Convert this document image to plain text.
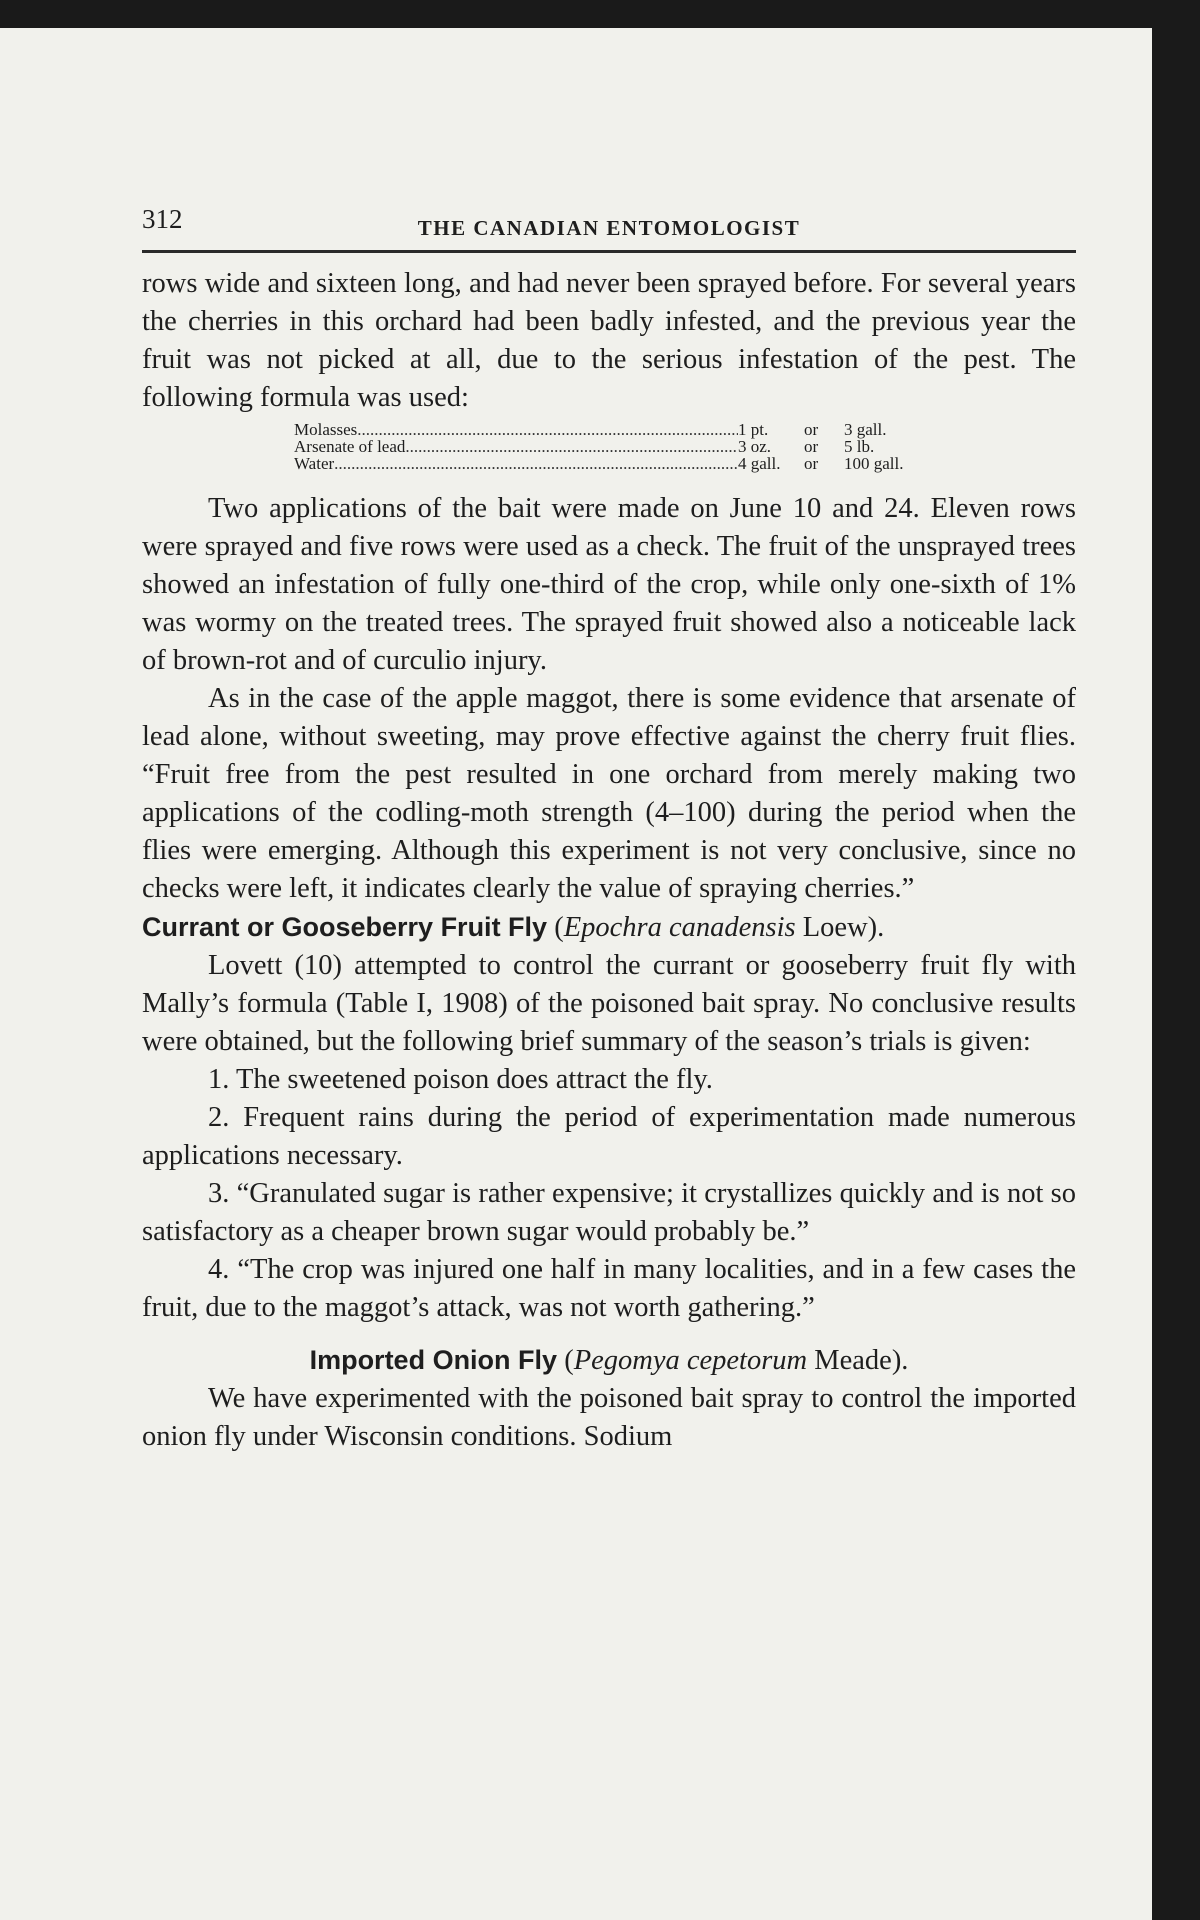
312	THE CANADIAN ENTOMOLOGIST

rows wide and sixteen long, and had never been sprayed before. For several years the cherries in this orchard had been badly infested, and the previous year the fruit was not picked at all, due to the serious infestation of the pest. The following formula was used:

Molasses .....	1 pt.	or	3 gall.
Arsenate of lead .....	3 oz.	or	5 lb.
Water .....	4 gall.	or	100 gall.

Two applications of the bait were made on June 10 and 24. Eleven rows were sprayed and five rows were used as a check. The fruit of the unsprayed trees showed an infestation of fully one-third of the crop, while only one-sixth of 1% was wormy on the treated trees. The sprayed fruit showed also a noticeable lack of brown-rot and of curculio injury.

As in the case of the apple maggot, there is some evidence that arsenate of lead alone, without sweeting, may prove effective against the cherry fruit flies. “Fruit free from the pest resulted in one orchard from merely making two applications of the codling-moth strength (4–100) during the period when the flies were emerging. Although this experiment is not very conclusive, since no checks were left, it indicates clearly the value of spraying cherries.”

Currant or Gooseberry Fruit Fly (Epochra canadensis Loew).

Lovett (10) attempted to control the currant or gooseberry fruit fly with Mally’s formula (Table I, 1908) of the poisoned bait spray. No conclusive results were obtained, but the following brief summary of the season’s trials is given:

1. The sweetened poison does attract the fly.

2. Frequent rains during the period of experimentation made numerous applications necessary.

3. “Granulated sugar is rather expensive; it crystallizes quickly and is not so satisfactory as a cheaper brown sugar would probably be.”

4. “The crop was injured one half in many localities, and in a few cases the fruit, due to the maggot’s attack, was not worth gathering.”

Imported Onion Fly (Pegomya cepetorum Meade).

We have experimented with the poisoned bait spray to control the imported onion fly under Wisconsin conditions. Sodium
